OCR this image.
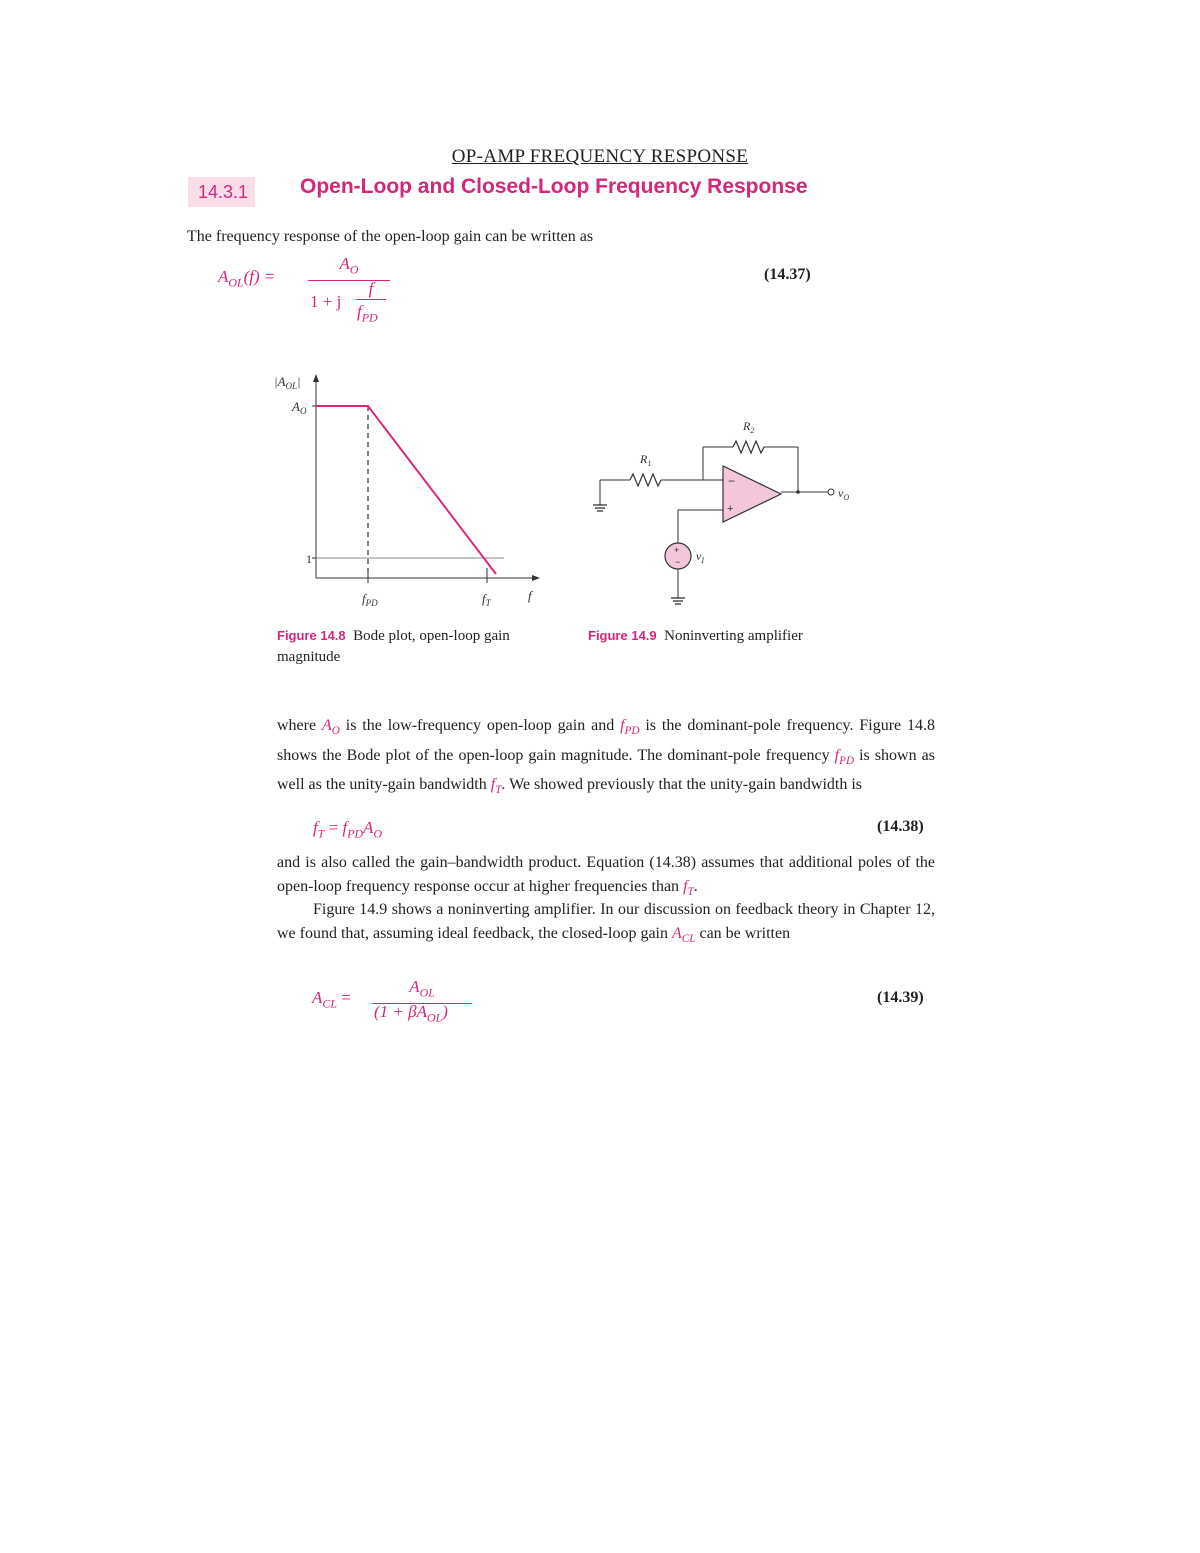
OP-AMP FREQUENCY RESPONSE
14.3.1	Open-Loop and Closed-Loop Frequency Response
The frequency response of the open-loop gain can be written as
$A_{OL}(f)$ =
$A_O$
1 + j
f
$f_{PD}$
(14.37)
$|A_{OL}|$
$A_O$
1
$f_{PD}$	$f_T$	f
Figure 14.8 Bode plot, open-loop gain magnitude
$R_1$
$R_2$
−
+
$v_O$
+
− $v_I$
Figure 14.9 Noninverting amplifier
where $A_O$ is the low-frequency open-loop gain and $f_{PD}$ is the dominant-pole frequency. Figure 14.8 shows the Bode plot of the open-loop gain magnitude. The dominant-pole frequency $f_{PD}$ is shown as well as the unity-gain bandwidth $f_T$. We showed previously that the unity-gain bandwidth is
$f_T = f_{PD}A_O$	(14.38)
and is also called the gain–bandwidth product. Equation (14.38) assumes that additional poles of the open-loop frequency response occur at higher frequencies than $f_T$.
Figure 14.9 shows a noninverting amplifier. In our discussion on feedback theory in Chapter 12, we found that, assuming ideal feedback, the closed-loop gain $A_{CL}$ can be written
$A_{CL}$ =
$A_{OL}$
$(1 + \beta A_{OL})$
(14.39)
